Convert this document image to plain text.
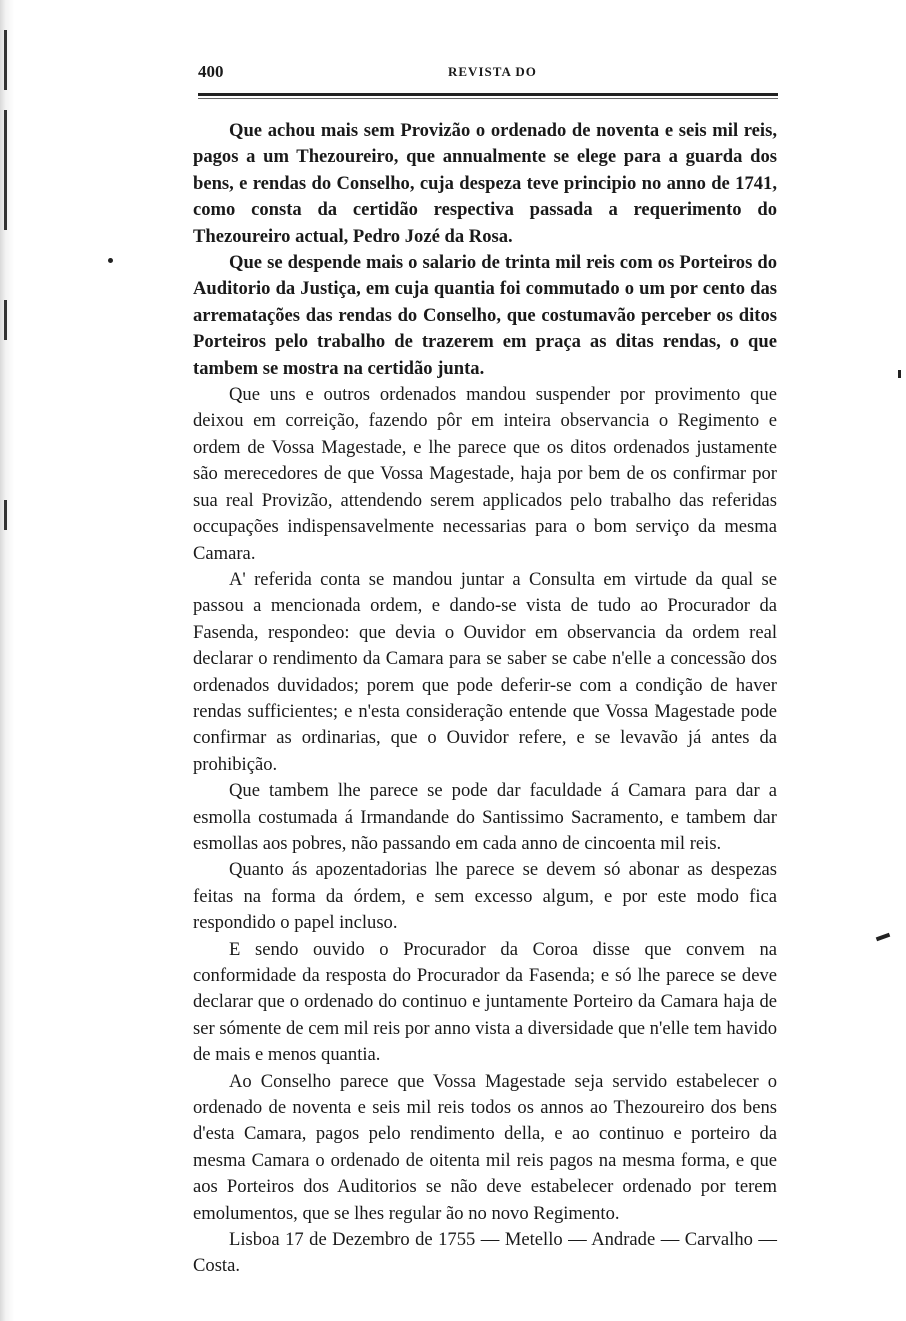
400	REVISTA DO

Que achou mais sem Provizão o ordenado de noventa e seis mil reis, pagos a um Thezoureiro, que annualmente se elege para a guarda dos bens, e rendas do Conselho, cuja despeza teve principio no anno de 1741, como consta da certidão respectiva passada a requerimento do Thezoureiro actual, Pedro Jozé da Rosa.

Que se despende mais o salario de trinta mil reis com os Porteiros do Auditorio da Justiça, em cuja quantia foi commutado o um por cento das arrematações das rendas do Conselho, que costumavão perceber os ditos Porteiros pelo trabalho de trazerem em praça as ditas rendas, o que tambem se mostra na certidão junta.

Que uns e outros ordenados mandou suspender por provimento que deixou em correição, fazendo pôr em inteira observancia o Regimento e ordem de Vossa Magestade, e lhe parece que os ditos ordenados justamente são merecedores de que Vossa Magestade, haja por bem de os confirmar por sua real Provizão, attendendo serem applicados pelo trabalho das referidas occupações indispensavelmente necessarias para o bom serviço da mesma Camara.

A' referida conta se mandou juntar a Consulta em virtude da qual se passou a mencionada ordem, e dando-se vista de tudo ao Procurador da Fasenda, respondeo: que devia o Ouvidor em observancia da ordem real declarar o rendimento da Camara para se saber se cabe n'elle a concessão dos ordenados duvidados; porem que pode deferir-se com a condição de haver rendas sufficientes; e n'esta consideração entende que Vossa Magestade pode confirmar as ordinarias, que o Ouvidor refere, e se levavão já antes da prohibição.

Que tambem lhe parece se pode dar faculdade á Camara para dar a esmolla costumada á Irmandande do Santissimo Sacramento, e tambem dar esmollas aos pobres, não passando em cada anno de cincoenta mil reis.

Quanto ás apozentadorias lhe parece se devem só abonar as despezas feitas na forma da órdem, e sem excesso algum, e por este modo fica respondido o papel incluso.

E sendo ouvido o Procurador da Coroa disse que convem na conformidade da resposta do Procurador da Fasenda; e só lhe parece se deve declarar que o ordenado do continuo e juntamente Porteiro da Camara haja de ser sómente de cem mil reis por anno vista a diversidade que n'elle tem havido de mais e menos quantia.

Ao Conselho parece que Vossa Magestade seja servido estabelecer o ordenado de noventa e seis mil reis todos os annos ao Thezoureiro dos bens d'esta Camara, pagos pelo rendimento della, e ao continuo e porteiro da mesma Camara o ordenado de oitenta mil reis pagos na mesma forma, e que aos Porteiros dos Auditorios se não deve estabelecer ordenado por terem emolumentos, que se lhes regular ão no novo Regimento.

Lisboa 17 de Dezembro de 1755 — Metello — Andrade — Carvalho — Costa.
